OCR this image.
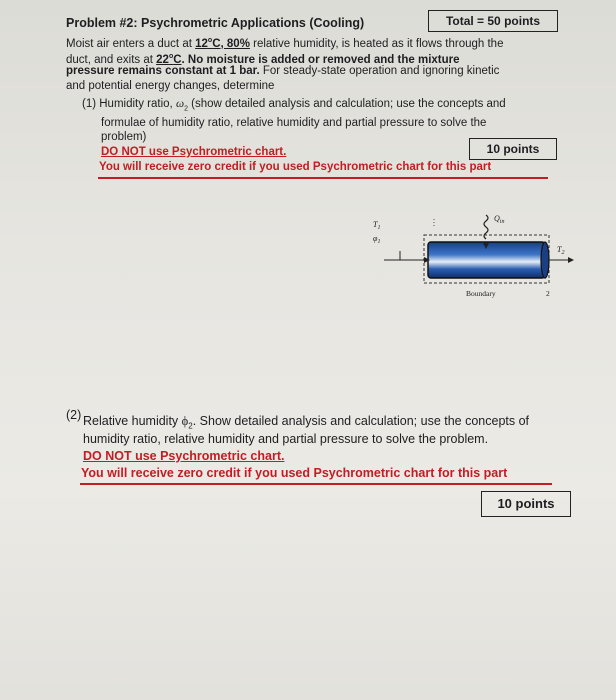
Problem #2: Psychrometric Applications (Cooling)	Total = 50 points
Moist air enters a duct at 12$^o$C, 80% relative humidity, is heated as it flows through the
duct, and exits at 22$^o$C. No moisture is added or removed and the mixture
pressure remains constant at 1 bar. For steady-state operation and ignoring kinetic
and potential energy changes, determine
(1) Humidity ratio, $\omega_2$ (show detailed analysis and calculation; use the concepts and
formulae of humidity ratio, relative humidity and partial pressure to solve the
problem)
DO NOT use Psychrometric chart.
You will receive zero credit if you used Psychrometric chart for this part
10 points
$T_1$
$\varphi_1$
$Q_{in}$
$T_2$
Boundary	2
(2) Relative humidity $\phi_2$. Show detailed analysis and calculation; use the concepts of
humidity ratio, relative humidity and partial pressure to solve the problem.
DO NOT use Psychrometric chart.
You will receive zero credit if you used Psychrometric chart for this part
10 points
